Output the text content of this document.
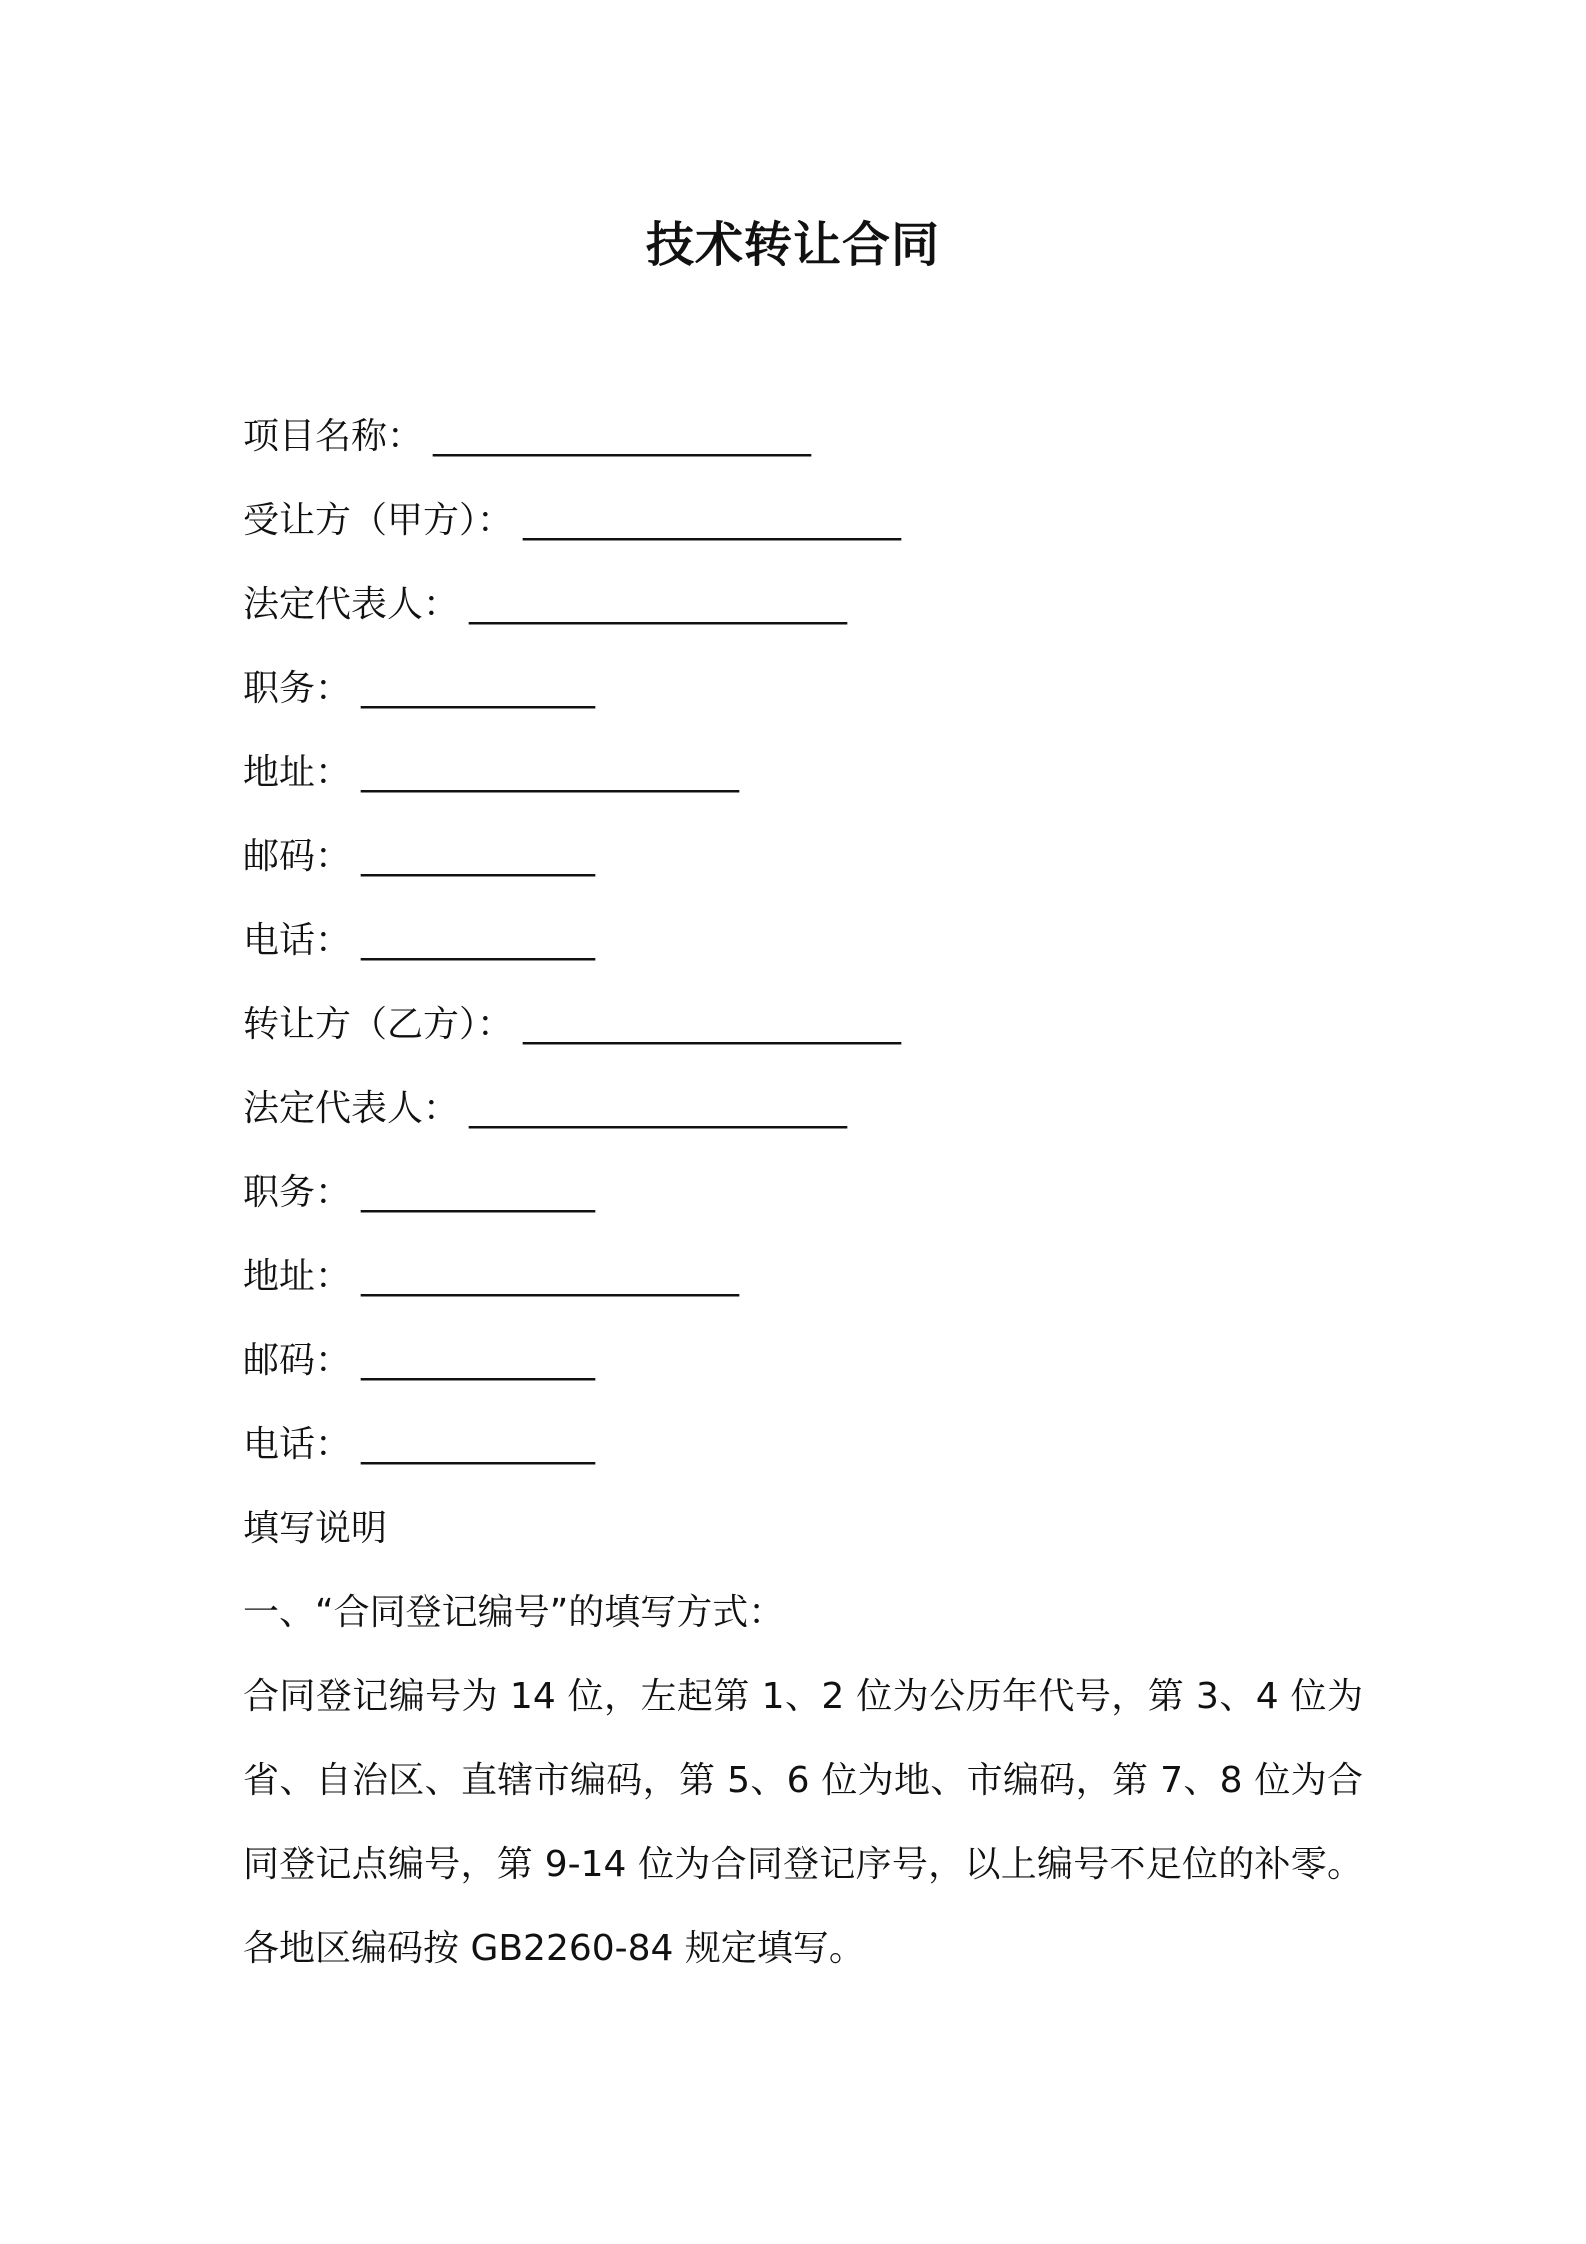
技术转让合同
项目名称： _____________________
受让方（甲方）： _____________________
法定代表人： _____________________
职务： _____________
地址： _____________________
邮码： _____________
电话： _____________
转让方（乙方）： _____________________
法定代表人： _____________________
职务： _____________
地址： _____________________
邮码： _____________
电话： _____________
填写说明
一、“合同登记编号”的填写方式：

合同登记编号为 14 位，左起第 1、2 位为公历年代号，第 3、4 位为省、自治区、直辖市编码，第 5、6 位为地、市编码，第 7、8 位为合同登记点编号，第 9-14 位为合同登记序号，以上编号不足位的补零。各地区编码按 GB2260-84 规定填写。
